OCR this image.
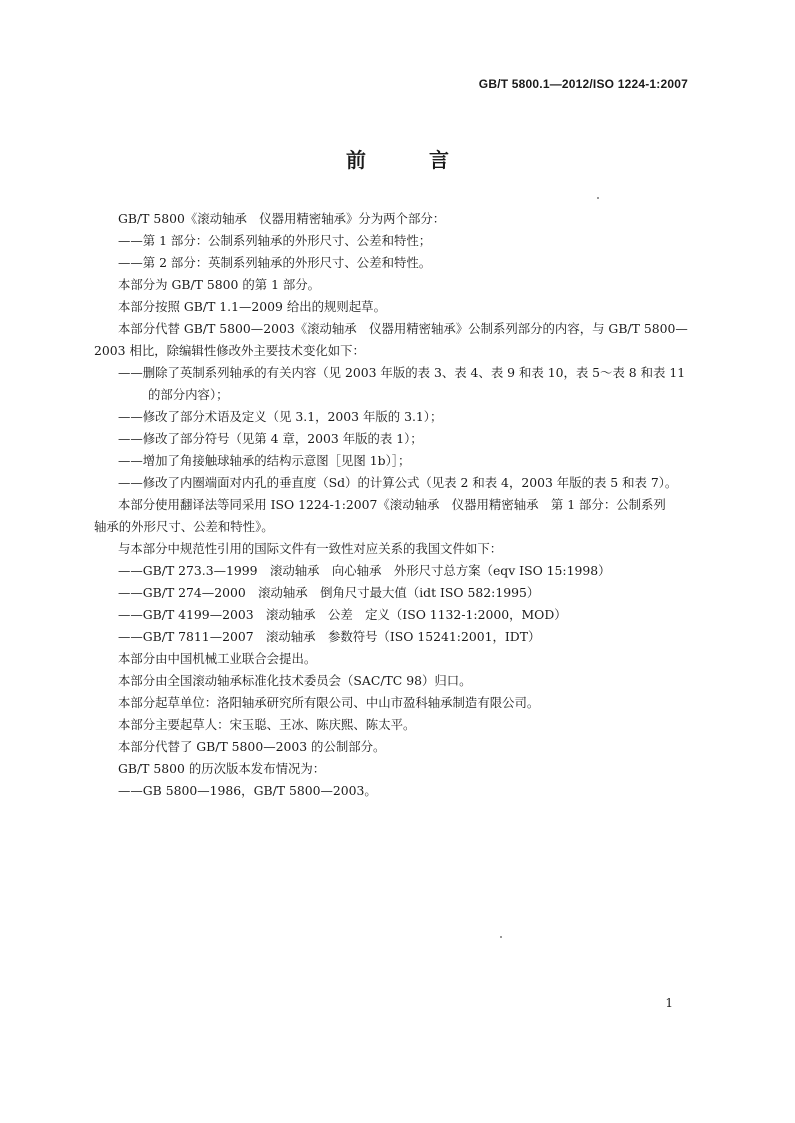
GB/T 5800.1—2012/ISO 1224-1:2007
前 言
GB/T 5800《滚动轴承　仪器用精密轴承》分为两个部分：
——第 1 部分：公制系列轴承的外形尺寸、公差和特性；
——第 2 部分：英制系列轴承的外形尺寸、公差和特性。
本部分为 GB/T 5800 的第 1 部分。
本部分按照 GB/T 1.1—2009 给出的规则起草。
本部分代替 GB/T 5800—2003《滚动轴承　仪器用精密轴承》公制系列部分的内容，与 GB/T 5800—
2003 相比，除编辑性修改外主要技术变化如下：
——删除了英制系列轴承的有关内容（见 2003 年版的表 3、表 4、表 9 和表 10，表 5～表 8 和表 11
的部分内容）；
——修改了部分术语及定义（见 3.1，2003 年版的 3.1）；
——修改了部分符号（见第 4 章，2003 年版的表 1）；
——增加了角接触球轴承的结构示意图［见图 1b）］；
——修改了内圈端面对内孔的垂直度（Sd）的计算公式（见表 2 和表 4，2003 年版的表 5 和表 7）。
本部分使用翻译法等同采用 ISO 1224-1:2007《滚动轴承　仪器用精密轴承　第 1 部分：公制系列
轴承的外形尺寸、公差和特性》。
与本部分中规范性引用的国际文件有一致性对应关系的我国文件如下：
——GB/T 273.3—1999　滚动轴承　向心轴承　外形尺寸总方案（eqv ISO 15:1998）
——GB/T 274—2000　滚动轴承　倒角尺寸最大值（idt ISO 582:1995）
——GB/T 4199—2003　滚动轴承　公差　定义（ISO 1132-1:2000，MOD）
——GB/T 7811—2007　滚动轴承　参数符号（ISO 15241:2001，IDT）
本部分由中国机械工业联合会提出。
本部分由全国滚动轴承标准化技术委员会（SAC/TC 98）归口。
本部分起草单位：洛阳轴承研究所有限公司、中山市盈科轴承制造有限公司。
本部分主要起草人：宋玉聪、王冰、陈庆熙、陈太平。
本部分代替了 GB/T 5800—2003 的公制部分。
GB/T 5800 的历次版本发布情况为：
——GB 5800—1986，GB/T 5800—2003。
1
